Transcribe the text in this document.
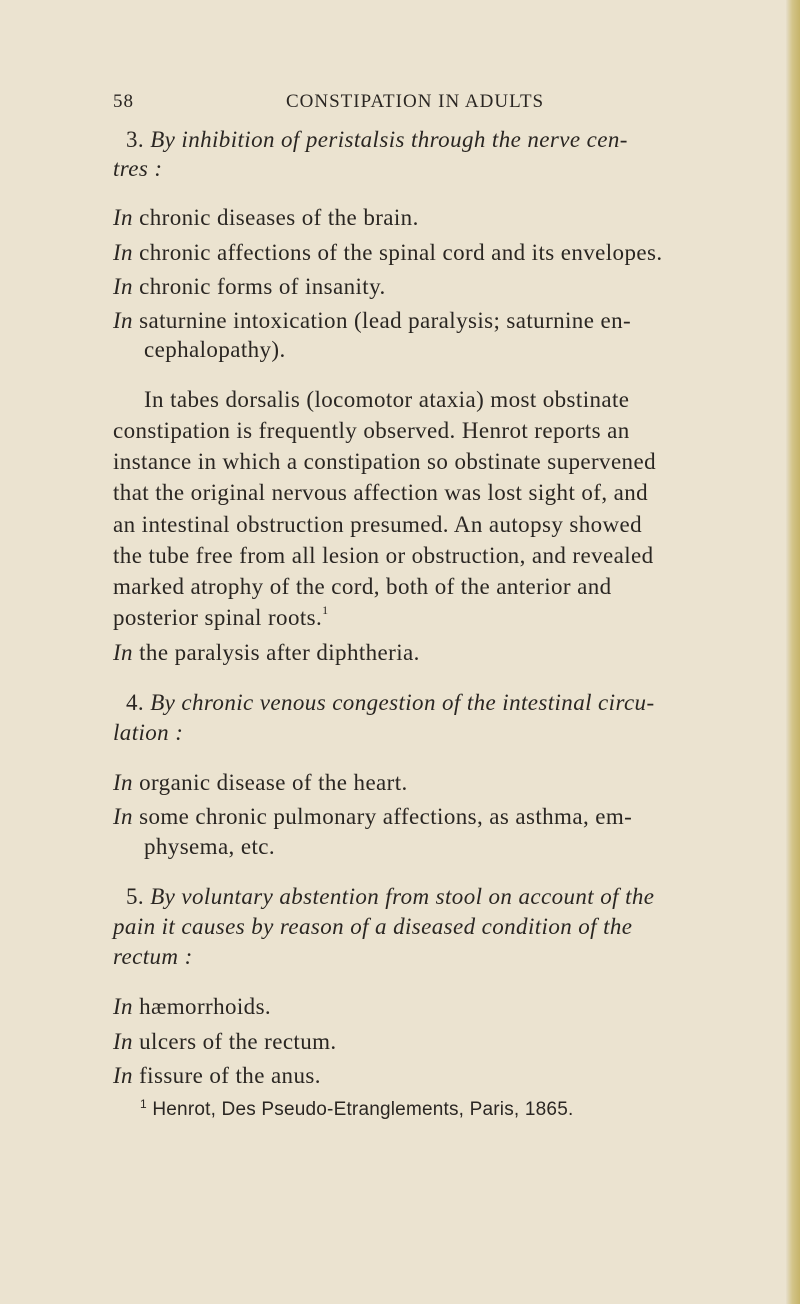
58	CONSTIPATION IN ADULTS
3. By inhibition of peristalsis through the nerve cen-
tres :
In chronic diseases of the brain.
In chronic affections of the spinal cord and its envelopes.
In chronic forms of insanity.
In saturnine intoxication (lead paralysis; saturnine en-
cephalopathy).
In tabes dorsalis (locomotor ataxia) most obstinate
constipation is frequently observed. Henrot reports an
instance in which a constipation so obstinate supervened
that the original nervous affection was lost sight of, and
an intestinal obstruction presumed. An autopsy showed
the tube free from all lesion or obstruction, and revealed
marked atrophy of the cord, both of the anterior and
posterior spinal roots.$^1$
In the paralysis after diphtheria.
4. By chronic venous congestion of the intestinal circu-
lation :
In organic disease of the heart.
In some chronic pulmonary affections, as asthma, em-
physema, etc.
5. By voluntary abstention from stool on account of the
pain it causes by reason of a diseased condition of the
rectum :
In hæmorrhoids.
In ulcers of the rectum.
In fissure of the anus.
$^1$ Henrot, Des Pseudo-Etranglements, Paris, 1865.
